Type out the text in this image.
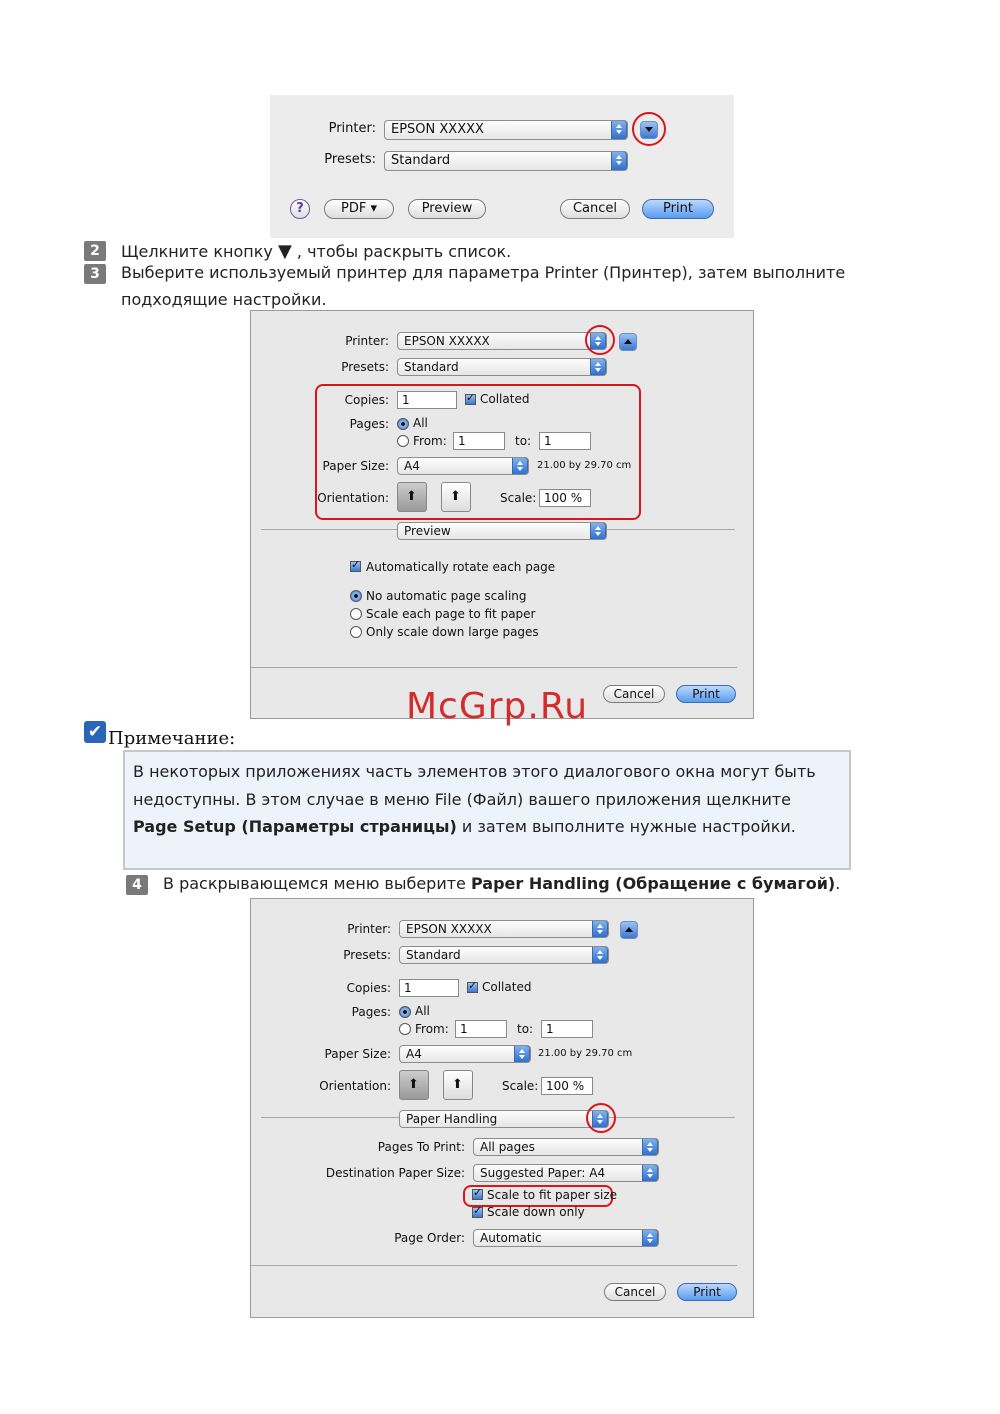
Printer:	EPSON XXXXX
Presets:	Standard
?	PDF ▾	Preview	Cancel	Print
2	Щелкните кнопку ▼ , чтобы раскрыть список.
3	Выберите используемый принтер для параметра Printer (Принтер), затем выполните подходящие настройки.
Printer:	EPSON XXXXX
Presets:	Standard
Copies:	1 ✓	Collated
Pages: All
From: 1	to:	1
Paper Size:	A4	21.00 by 29.70 cm
Orientation: ⬆︎	⬆︎	Scale: 100 %
Preview
✓
Automatically rotate each page
No automatic page scaling
Scale each page to fit paper
Only scale down large pages
Cancel	Print
McGrp.Ru
✔ Примечание:
В некоторых приложениях часть элементов этого диалогового окна могут быть недоступны. В этом случае в меню File (Файл) вашего приложения щелкните Page Setup (Параметры страницы) и затем выполните нужные настройки.
4	В раскрывающемся меню выберите Paper Handling (Обращение с бумагой).
Printer:	EPSON XXXXX
Presets:	Standard
Copies:	1 ✓	Collated
Pages: All
From: 1	to:	1
Paper Size:	A4	21.00 by 29.70 cm
Orientation: ⬆︎	⬆︎	Scale: 100 %
Paper Handling
Pages To Print:	All pages
Destination Paper Size:	Suggested Paper: A4
✓
Scale to fit paper size
✓
Scale down only
Page Order:	Automatic
Cancel	Print
